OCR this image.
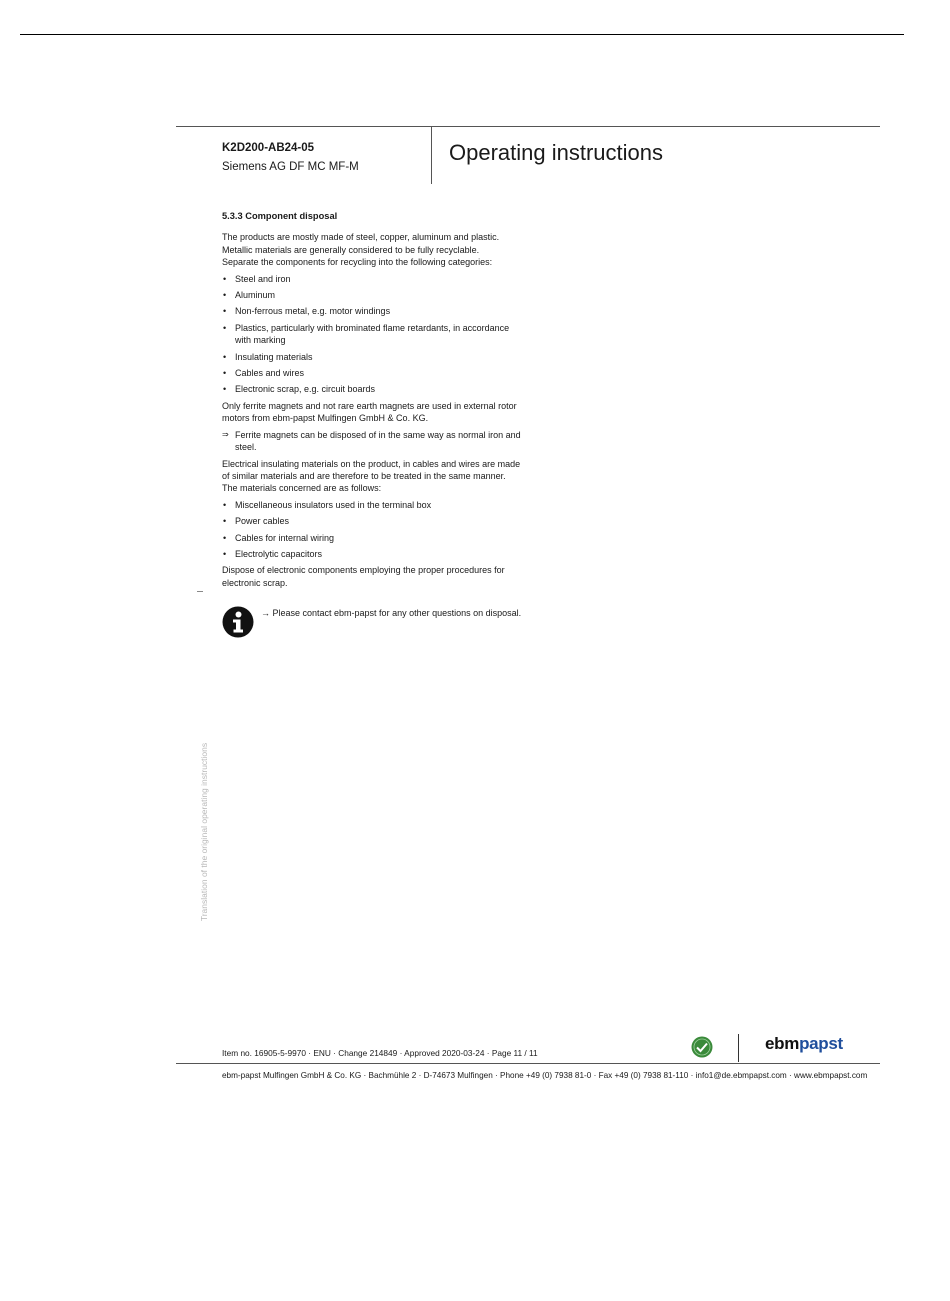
K2D200-AB24-05
Siemens AG DF MC MF-M
Operating instructions
5.3.3 Component disposal
The products are mostly made of steel, copper, aluminum and plastic.
Metallic materials are generally considered to be fully recyclable.
Separate the components for recycling into the following categories:
• Steel and iron
• Aluminum
• Non-ferrous metal, e.g. motor windings
• Plastics, particularly with brominated flame retardants, in accordance with marking
• Insulating materials
• Cables and wires
• Electronic scrap, e.g. circuit boards
Only ferrite magnets and not rare earth magnets are used in external rotor motors from ebm-papst Mulfingen GmbH & Co. KG.
⇒ Ferrite magnets can be disposed of in the same way as normal iron and steel.
Electrical insulating materials on the product, in cables and wires are made of similar materials and are therefore to be treated in the same manner.
The materials concerned are as follows:
• Miscellaneous insulators used in the terminal box
• Power cables
• Cables for internal wiring
• Electrolytic capacitors
Dispose of electronic components employing the proper procedures for electronic scrap.
→ Please contact ebm-papst for any other questions on disposal.
Translation of the original operating instructions
Item no. 16905-5-9970 · ENU · Change 214849 · Approved 2020-03-24 · Page 11 / 11	ebmpapst
ebm-papst Mulfingen GmbH & Co. KG · Bachmühle 2 · D-74673 Mulfingen · Phone +49 (0) 7938 81-0 · Fax +49 (0) 7938 81-110 · info1@de.ebmpapst.com · www.ebmpapst.com
